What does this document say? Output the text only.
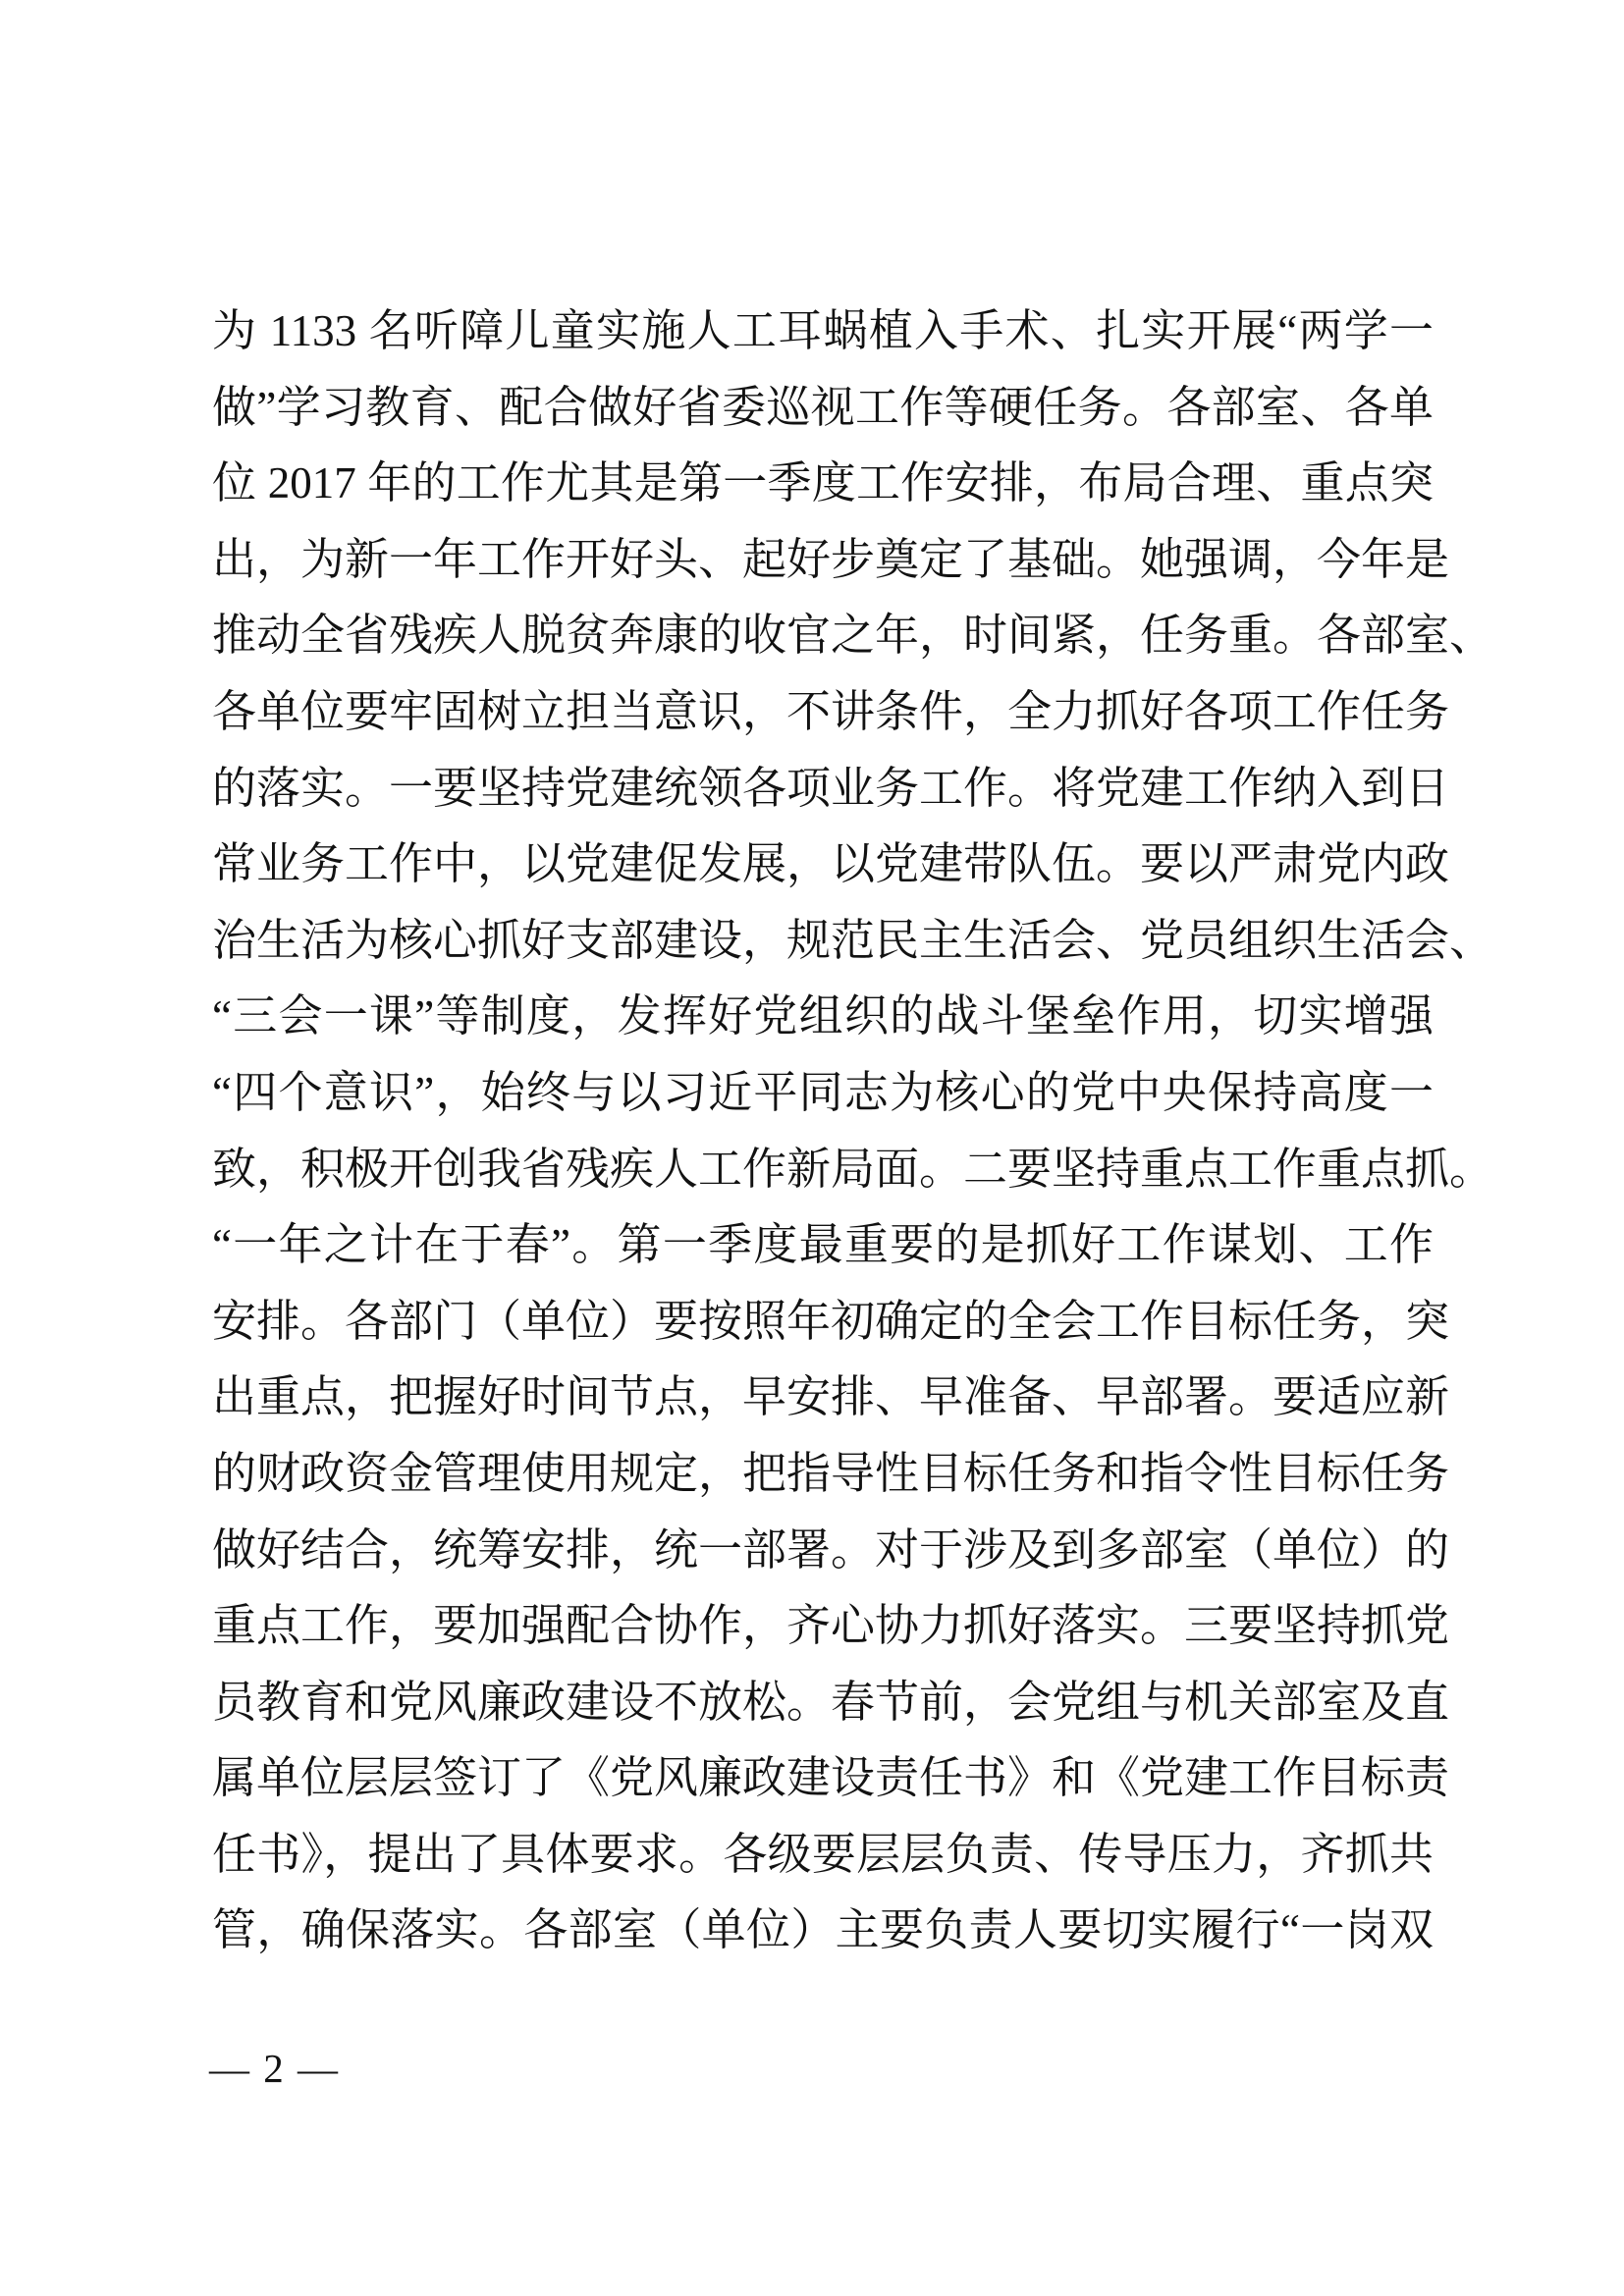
为 1133 名听障儿童实施人工耳蜗植入手术、扎实开展“两学一
做”学习教育、配合做好省委巡视工作等硬任务。各部室、各单
位 2017 年的工作尤其是第一季度工作安排，布局合理、重点突
出，为新一年工作开好头、起好步奠定了基础。她强调，今年是
推动全省残疾人脱贫奔康的收官之年，时间紧，任务重。各部室、
各单位要牢固树立担当意识，不讲条件，全力抓好各项工作任务
的落实。一要坚持党建统领各项业务工作。将党建工作纳入到日
常业务工作中，以党建促发展，以党建带队伍。要以严肃党内政
治生活为核心抓好支部建设，规范民主生活会、党员组织生活会、
“三会一课”等制度，发挥好党组织的战斗堡垒作用，切实增强
“四个意识”，始终与以习近平同志为核心的党中央保持高度一
致，积极开创我省残疾人工作新局面。二要坚持重点工作重点抓。
“一年之计在于春”。第一季度最重要的是抓好工作谋划、工作
安排。各部门（单位）要按照年初确定的全会工作目标任务，突
出重点，把握好时间节点，早安排、早准备、早部署。要适应新
的财政资金管理使用规定，把指导性目标任务和指令性目标任务
做好结合，统筹安排，统一部署。对于涉及到多部室（单位）的
重点工作，要加强配合协作，齐心协力抓好落实。三要坚持抓党
员教育和党风廉政建设不放松。春节前，会党组与机关部室及直
属单位层层签订了《党风廉政建设责任书》和《党建工作目标责
任书》，提出了具体要求。各级要层层负责、传导压力，齐抓共
管，确保落实。各部室（单位）主要负责人要切实履行“一岗双
— 2 —
